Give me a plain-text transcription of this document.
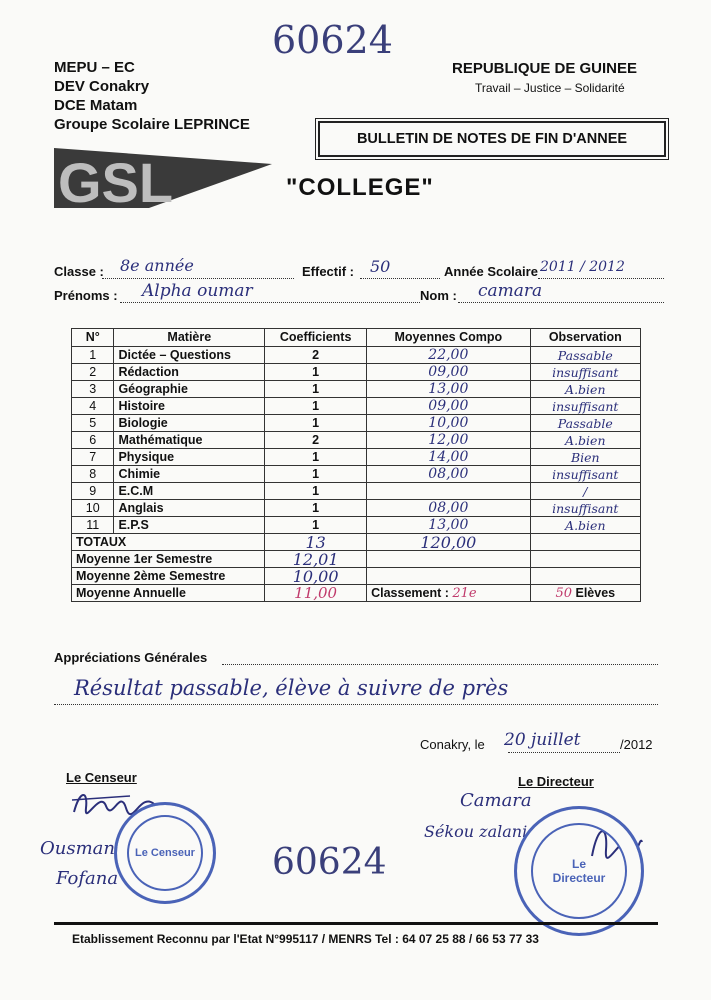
60624
MEPU – EC
DEV Conakry
DCE Matam
Groupe Scolaire LEPRINCE
REPUBLIQUE DE GUINEE
Travail – Justice – Solidarité
BULLETIN DE NOTES DE FIN D'ANNEE
GSL	"COLLEGE"
Classe : 8e année	Effectif : 50	Année Scolaire 2011 / 2012
Prénoms : Alpha oumar	Nom : camara
N°	Matière	Coefficients	Moyennes Compo	Observation
1	Dictée – Questions	2	22,00	Passable
2	Rédaction	1	09,00	insuffisant
3	Géographie	1	13,00	A.bien
4	Histoire	1	09,00	insuffisant
5	Biologie	1	10,00	Passable
6	Mathématique	2	12,00	A.bien
7	Physique	1	14,00	Bien
8	Chimie	1	08,00	insuffisant
9	E.C.M	1		/
10	Anglais	1	08,00	insuffisant
11	E.P.S	1	13,00	A.bien
TOTAUX		13	120,00	
Moyenne 1er Semestre		12,01		
Moyenne 2ème Semestre		10,00		
Moyenne Annuelle		11,00	Classement : 21e	50 Elèves
Appréciations Générales
Résultat passable, élève à suivre de près
Conakry, le 20 juillet	/2012
Le Censeur	Le Directeur
Ousmane
Fofana
Le Censeur 60624
Camara
Sékou zalani
Le Directeur
Etablissement Reconnu par l'Etat N°995117 / MENRS Tel : 64 07 25 88 / 66 53 77 33
